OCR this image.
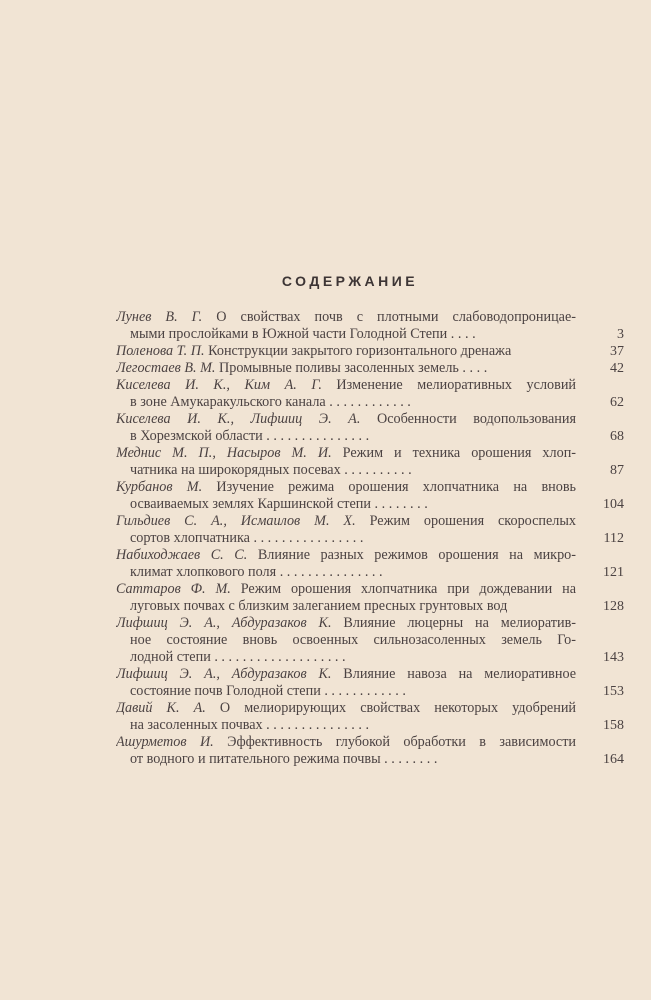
СОДЕРЖАНИЕ
Лунев В. Г. О свойствах почв с плотными слабоводопроницае-
мыми прослойками в Южной части Голодной Степи . . . .	3
Поленова Т. П. Конструкции закрытого горизонтального дренажа	37
Легостаев В. М. Промывные поливы засоленных земель . . . .	42
Киселева И. К., Ким А. Г. Изменение мелиоративных условий
в зоне Амукаракульского канала . . . . . . . . . . . .	62
Киселева И. К., Лифшиц Э. А. Особенности водопользования
в Хорезмской области . . . . . . . . . . . . . . .	68
Меднис М. П., Насыров М. И. Режим и техника орошения хлоп-
чатника на широкорядных посевах . . . . . . . . . .	87
Курбанов М. Изучение режима орошения хлопчатника на вновь
осваиваемых землях Каршинской степи . . . . . . . .	104
Гильдиев С. А., Исмаилов М. Х. Режим орошения скороспелых
сортов хлопчатника . . . . . . . . . . . . . . . .	112
Набиходжаев С. С. Влияние разных режимов орошения на микро-
климат хлопкового поля . . . . . . . . . . . . . . .	121
Саттаров Ф. М. Режим орошения хлопчатника при дождевании на
луговых почвах с близким залеганием пресных грунтовых вод	128
Лифшиц Э. А., Абдуразаков К. Влияние люцерны на мелиоратив-
ное состояние вновь освоенных сильнозасоленных земель Го-
лодной степи . . . . . . . . . . . . . . . . . . .	143
Лифшиц Э. А., Абдуразаков К. Влияние навоза на мелиоративное
состояние почв Голодной степи . . . . . . . . . . . .	153
Давий К. А. О мелиорирующих свойствах некоторых удобрений
на засоленных почвах . . . . . . . . . . . . . . .	158
Ашурметов И. Эффективность глубокой обработки в зависимости
от водного и питательного режима почвы . . . . . . . .	164
